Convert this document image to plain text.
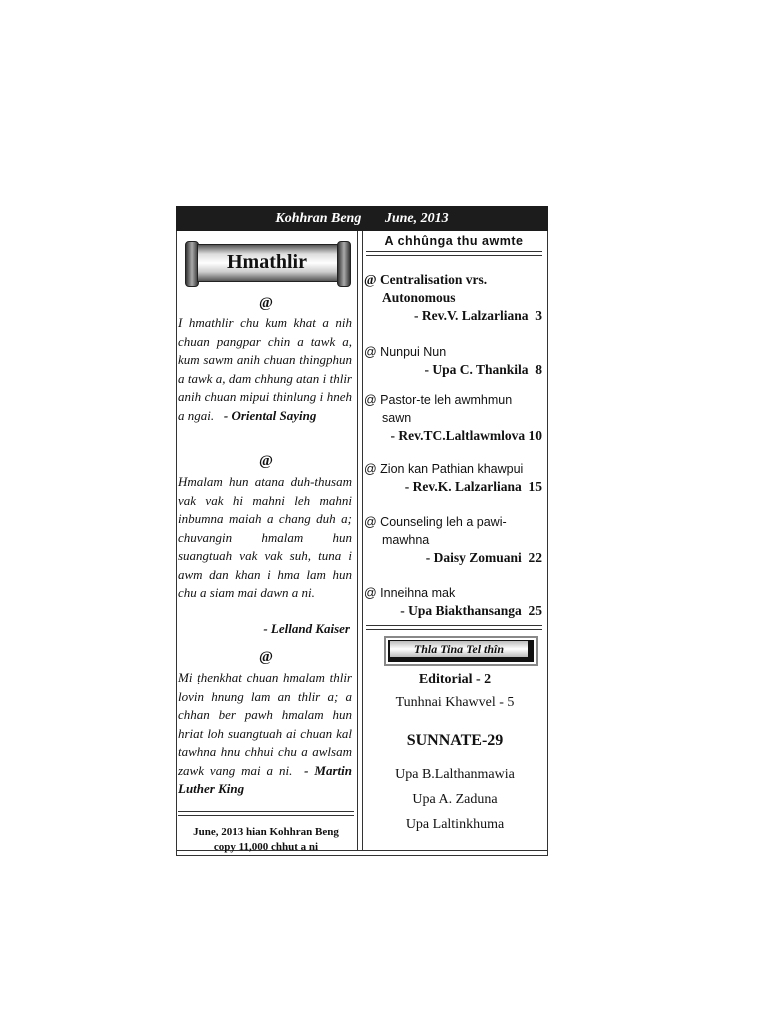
Kohhran Beng June, 2013
Hmathlir
@
I hmathlir chu kum khat a nih chuan pangpar chin a tawk a, kum sawm anih chuan thingphun a tawk a, dam chhung atan i thlir anih chuan mipui thinlung i hneh a ngai. - Oriental Saying
@
Hmalam hun atana duh-thusam vak vak hi mahni leh mahni inbumna maiah a chang duh a; chuvangin hmalam hun suangtuah vak vak suh, tuna i awm dan khan i hma lam hun chu a siam mai dawn a ni.
- Lelland Kaiser
@
Mi ṭhenkhat chuan hmalam thlir lovin hnung lam an thlir a; a chhan ber pawh hmalam hun hriat loh suangtuah ai chuan kal tawhna hnu chhui chu a awlsam zawk vang mai a ni. - Martin Luther King
June, 2013 hian Kohhran Beng
copy 11,000 chhut a ni
A chhûnga thu awmte
@ Centralisation vrs.
Autonomous
- Rev.V. Lalzarliana 3
@ Nunpui Nun
- Upa C. Thankila 8
@ Pastor-te leh awmhmun
sawn
- Rev.TC.Laltlawmlova 10
@ Zion kan Pathian khawpui
- Rev.K. Lalzarliana 15
@ Counseling leh a pawi-
mawhna
- Daisy Zomuani 22
@ Inneihna mak
- Upa Biakthansanga 25
Thla Tina Tel thîn
Editorial - 2
Tunhnai Khawvel - 5
SUNNATE-29
Upa B.Lalthanmawia
Upa A. Zaduna
Upa Laltinkhuma
